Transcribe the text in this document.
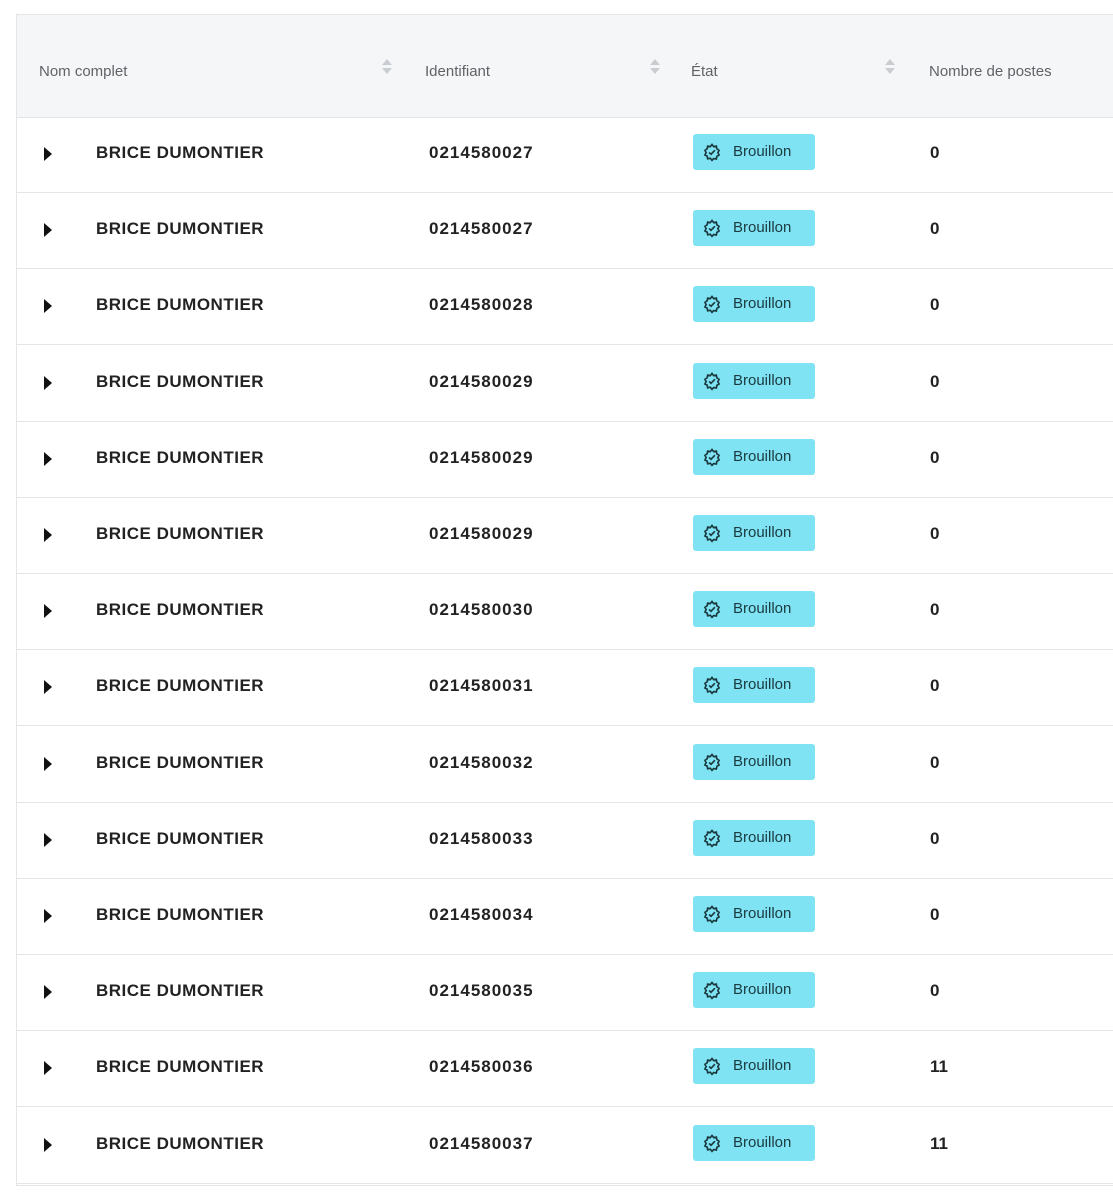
Nom complet	Identifiant	État	Nombre de postes
BRICE DUMONTIER	0214580027	Brouillon	0
BRICE DUMONTIER	0214580027	Brouillon	0
BRICE DUMONTIER	0214580028	Brouillon	0
BRICE DUMONTIER	0214580029	Brouillon	0
BRICE DUMONTIER	0214580029	Brouillon	0
BRICE DUMONTIER	0214580029	Brouillon	0
BRICE DUMONTIER	0214580030	Brouillon	0
BRICE DUMONTIER	0214580031	Brouillon	0
BRICE DUMONTIER	0214580032	Brouillon	0
BRICE DUMONTIER	0214580033	Brouillon	0
BRICE DUMONTIER	0214580034	Brouillon	0
BRICE DUMONTIER	0214580035	Brouillon	0
BRICE DUMONTIER	0214580036	Brouillon	11
BRICE DUMONTIER	0214580037	Brouillon	11
